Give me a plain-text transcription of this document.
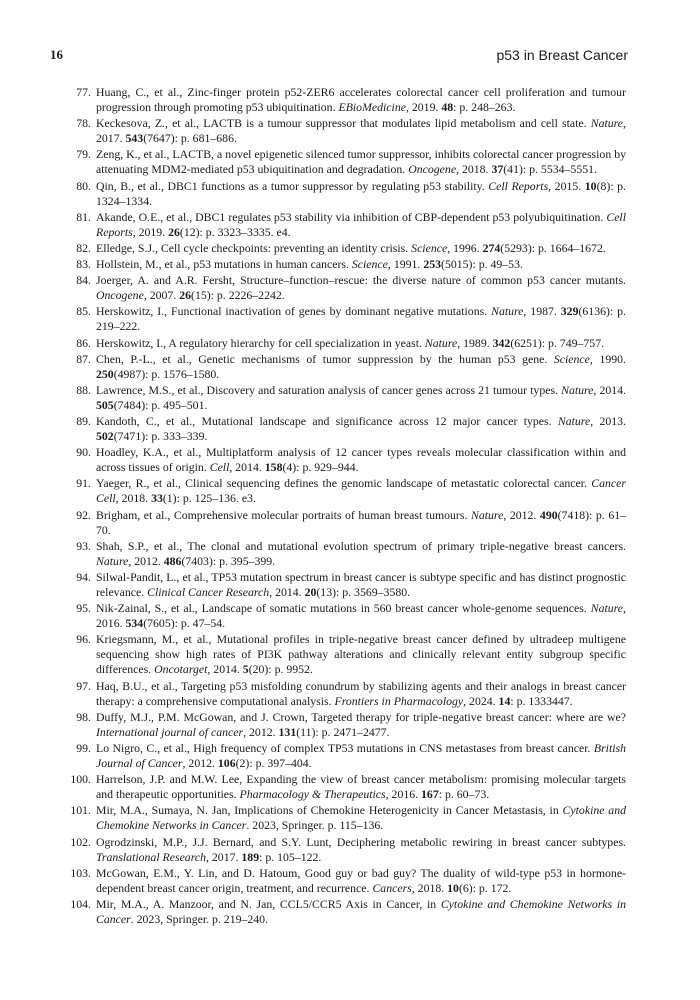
16	p53 in Breast Cancer
77. Huang, C., et al., Zinc-finger protein p52-ZER6 accelerates colorectal cancer cell proliferation and tumour progression through promoting p53 ubiquitination. EBioMedicine, 2019. 48: p. 248–263.
78. Keckesova, Z., et al., LACTB is a tumour suppressor that modulates lipid metabolism and cell state. Nature, 2017. 543(7647): p. 681–686.
79. Zeng, K., et al., LACTB, a novel epigenetic silenced tumor suppressor, inhibits colorectal cancer progression by attenuating MDM2-mediated p53 ubiquitination and degradation. Oncogene, 2018. 37(41): p. 5534–5551.
80. Qin, B., et al., DBC1 functions as a tumor suppressor by regulating p53 stability. Cell Reports, 2015. 10(8): p. 1324–1334.
81. Akande, O.E., et al., DBC1 regulates p53 stability via inhibition of CBP-dependent p53 polyubiquitination. Cell Reports, 2019. 26(12): p. 3323–3335. e4.
82. Elledge, S.J., Cell cycle checkpoints: preventing an identity crisis. Science, 1996. 274(5293): p. 1664–1672.
83. Hollstein, M., et al., p53 mutations in human cancers. Science, 1991. 253(5015): p. 49–53.
84. Joerger, A. and A.R. Fersht, Structure–function–rescue: the diverse nature of common p53 cancer mutants. Oncogene, 2007. 26(15): p. 2226–2242.
85. Herskowitz, I., Functional inactivation of genes by dominant negative mutations. Nature, 1987. 329(6136): p. 219–222.
86. Herskowitz, I., A regulatory hierarchy for cell specialization in yeast. Nature, 1989. 342(6251): p. 749–757.
87. Chen, P.-L., et al., Genetic mechanisms of tumor suppression by the human p53 gene. Science, 1990. 250(4987): p. 1576–1580.
88. Lawrence, M.S., et al., Discovery and saturation analysis of cancer genes across 21 tumour types. Nature, 2014. 505(7484): p. 495–501.
89. Kandoth, C., et al., Mutational landscape and significance across 12 major cancer types. Nature, 2013. 502(7471): p. 333–339.
90. Hoadley, K.A., et al., Multiplatform analysis of 12 cancer types reveals molecular classification within and across tissues of origin. Cell, 2014. 158(4): p. 929–944.
91. Yaeger, R., et al., Clinical sequencing defines the genomic landscape of metastatic colorectal cancer. Cancer Cell, 2018. 33(1): p. 125–136. e3.
92. Brigham, et al., Comprehensive molecular portraits of human breast tumours. Nature, 2012. 490(7418): p. 61–70.
93. Shah, S.P., et al., The clonal and mutational evolution spectrum of primary triple-negative breast cancers. Nature, 2012. 486(7403): p. 395–399.
94. Silwal-Pandit, L., et al., TP53 mutation spectrum in breast cancer is subtype specific and has distinct prognostic relevance. Clinical Cancer Research, 2014. 20(13): p. 3569–3580.
95. Nik-Zainal, S., et al., Landscape of somatic mutations in 560 breast cancer whole-genome sequences. Nature, 2016. 534(7605): p. 47–54.
96. Kriegsmann, M., et al., Mutational profiles in triple-negative breast cancer defined by ultradeep multigene sequencing show high rates of PI3K pathway alterations and clinically relevant entity subgroup specific differences. Oncotarget, 2014. 5(20): p. 9952.
97. Haq, B.U., et al., Targeting p53 misfolding conundrum by stabilizing agents and their analogs in breast cancer therapy: a comprehensive computational analysis. Frontiers in Pharmacology, 2024. 14: p. 1333447.
98. Duffy, M.J., P.M. McGowan, and J. Crown, Targeted therapy for triple-negative breast cancer: where are we? International journal of cancer, 2012. 131(11): p. 2471–2477.
99. Lo Nigro, C., et al., High frequency of complex TP53 mutations in CNS metastases from breast cancer. British Journal of Cancer, 2012. 106(2): p. 397–404.
100. Harrelson, J.P. and M.W. Lee, Expanding the view of breast cancer metabolism: promising molecular targets and therapeutic opportunities. Pharmacology & Therapeutics, 2016. 167: p. 60–73.
101. Mir, M.A., Sumaya, N. Jan, Implications of Chemokine Heterogenicity in Cancer Metastasis, in Cytokine and Chemokine Networks in Cancer. 2023, Springer. p. 115–136.
102. Ogrodzinski, M.P., J.J. Bernard, and S.Y. Lunt, Deciphering metabolic rewiring in breast cancer subtypes. Translational Research, 2017. 189: p. 105–122.
103. McGowan, E.M., Y. Lin, and D. Hatoum, Good guy or bad guy? The duality of wild-type p53 in hormone-dependent breast cancer origin, treatment, and recurrence. Cancers, 2018. 10(6): p. 172.
104. Mir, M.A., A. Manzoor, and N. Jan, CCL5/CCR5 Axis in Cancer, in Cytokine and Chemokine Networks in Cancer. 2023, Springer. p. 219–240.
